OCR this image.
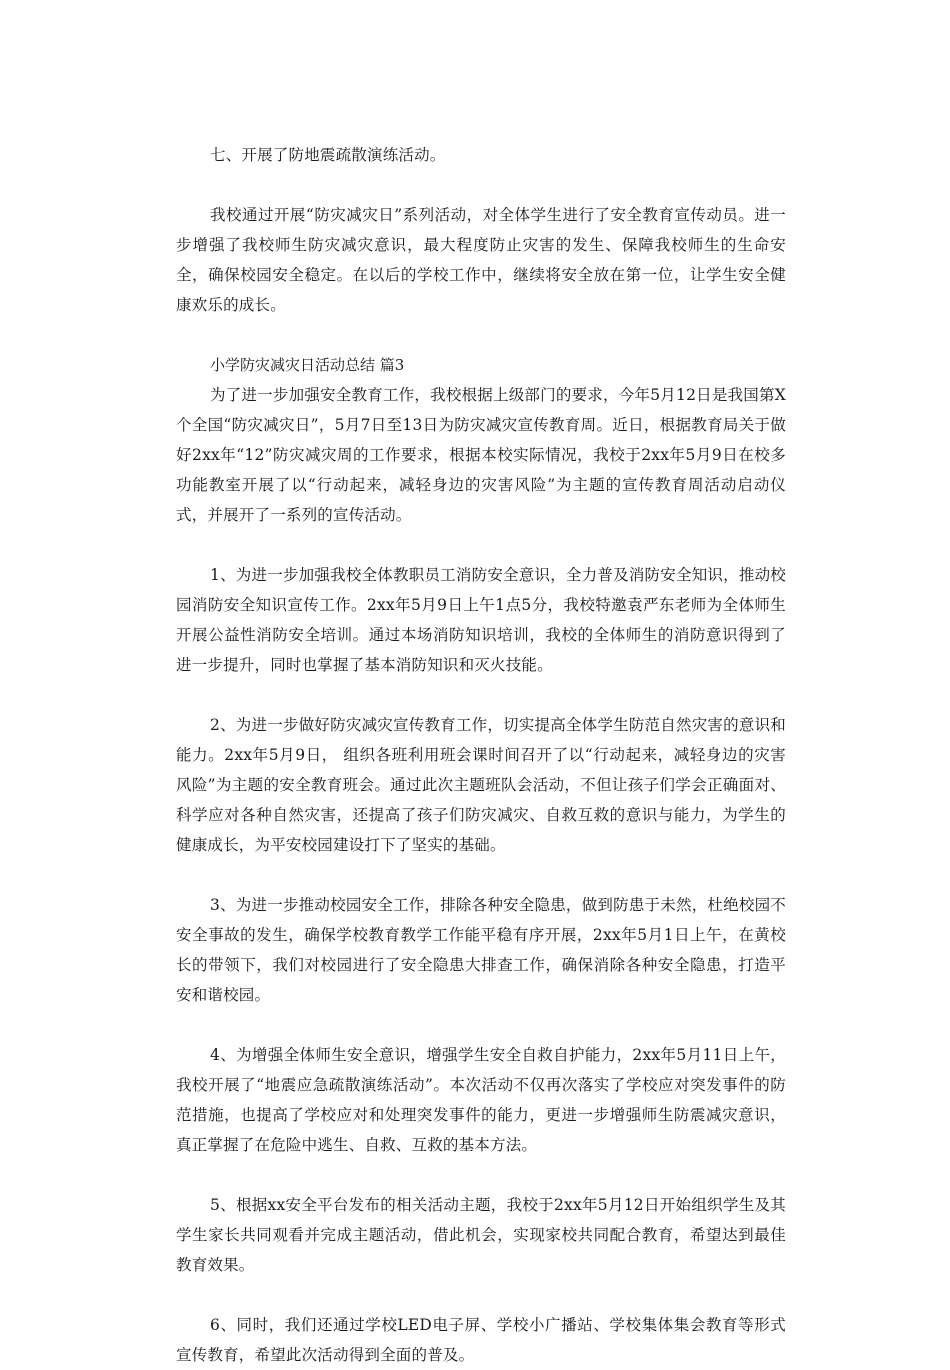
七、开展了防地震疏散演练活动。

我校通过开展“防灾减灾日”系列活动，对全体学生进行了安全教育宣传动员。进一步增强了我校师生防灾减灾意识，最大程度防止灾害的发生、保障我校师生的生命安全，确保校园安全稳定。在以后的学校工作中，继续将安全放在第一位，让学生安全健康欢乐的成长。

小学防灾减灾日活动总结 篇3

为了进一步加强安全教育工作，我校根据上级部门的要求，今年5月12日是我国第X个全国“防灾减灾日”，5月7日至13日为防灾减灾宣传教育周。近日，根据教育局关于做好2xx年“12”防灾减灾周的工作要求，根据本校实际情况，我校于2xx年5月9日在校多功能教室开展了以“行动起来，减轻身边的灾害风险”为主题的宣传教育周活动启动仪式，并展开了一系列的宣传活动。

1、为进一步加强我校全体教职员工消防安全意识，全力普及消防安全知识，推动校园消防安全知识宣传工作。2xx年5月9日上午1点5分，我校特邀袁严东老师为全体师生开展公益性消防安全培训。通过本场消防知识培训，我校的全体师生的消防意识得到了进一步提升，同时也掌握了基本消防知识和灭火技能。

2、为进一步做好防灾减灾宣传教育工作，切实提高全体学生防范自然灾害的意识和能力。2xx年5月9日， 组织各班利用班会课时间召开了以“行动起来，减轻身边的灾害风险”为主题的安全教育班会。通过此次主题班队会活动，不但让孩子们学会正确面对、科学应对各种自然灾害，还提高了孩子们防灾减灾、自救互救的意识与能力，为学生的健康成长，为平安校园建设打下了坚实的基础。

3、为进一步推动校园安全工作，排除各种安全隐患，做到防患于未然，杜绝校园不安全事故的发生，确保学校教育教学工作能平稳有序开展，2xx年5月1日上午，在黄校长的带领下，我们对校园进行了安全隐患大排查工作，确保消除各种安全隐患，打造平安和谐校园。

4、为增强全体师生安全意识，增强学生安全自救自护能力，2xx年5月11日上午，我校开展了“地震应急疏散演练活动”。本次活动不仅再次落实了学校应对突发事件的防范措施，也提高了学校应对和处理突发事件的能力，更进一步增强师生防震减灾意识，真正掌握了在危险中逃生、自救、互救的基本方法。

5、根据xx安全平台发布的相关活动主题，我校于2xx年5月12日开始组织学生及其学生家长共同观看并完成主题活动，借此机会，实现家校共同配合教育，希望达到最佳教育效果。

6、同时，我们还通过学校LED电子屏、学校小广播站、学校集体集会教育等形式宣传教育，希望此次活动得到全面的普及。
